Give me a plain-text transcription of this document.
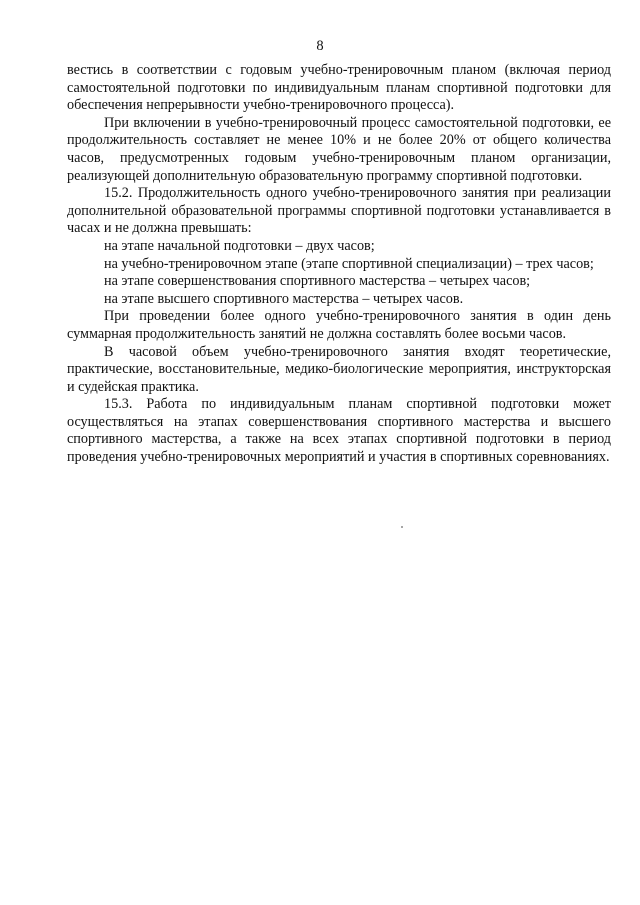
8

вестись в соответствии с годовым учебно-тренировочным планом (включая период самостоятельной подготовки по индивидуальным планам спортивной подготовки для обеспечения непрерывности учебно-тренировочного процесса).

При включении в учебно-тренировочный процесс самостоятельной подготовки, ее продолжительность составляет не менее 10% и не более 20% от общего количества часов, предусмотренных годовым учебно-тренировочным планом организации, реализующей дополнительную образовательную программу спортивной подготовки.

15.2. Продолжительность одного учебно-тренировочного занятия при реализации дополнительной образовательной программы спортивной подготовки устанавливается в часах и не должна превышать:

на этапе начальной подготовки – двух часов;

на учебно-тренировочном этапе (этапе спортивной специализации) – трех часов;

на этапе совершенствования спортивного мастерства – четырех часов;

на этапе высшего спортивного мастерства – четырех часов.

При проведении более одного учебно-тренировочного занятия в один день суммарная продолжительность занятий не должна составлять более восьми часов.

В часовой объем учебно-тренировочного занятия входят теоретические, практические, восстановительные, медико-биологические мероприятия, инструкторская и судейская практика.

15.3. Работа по индивидуальным планам спортивной подготовки может осуществляться на этапах совершенствования спортивного мастерства и высшего спортивного мастерства, а также на всех этапах спортивной подготовки в период проведения учебно-тренировочных мероприятий и участия в спортивных соревнованиях.
